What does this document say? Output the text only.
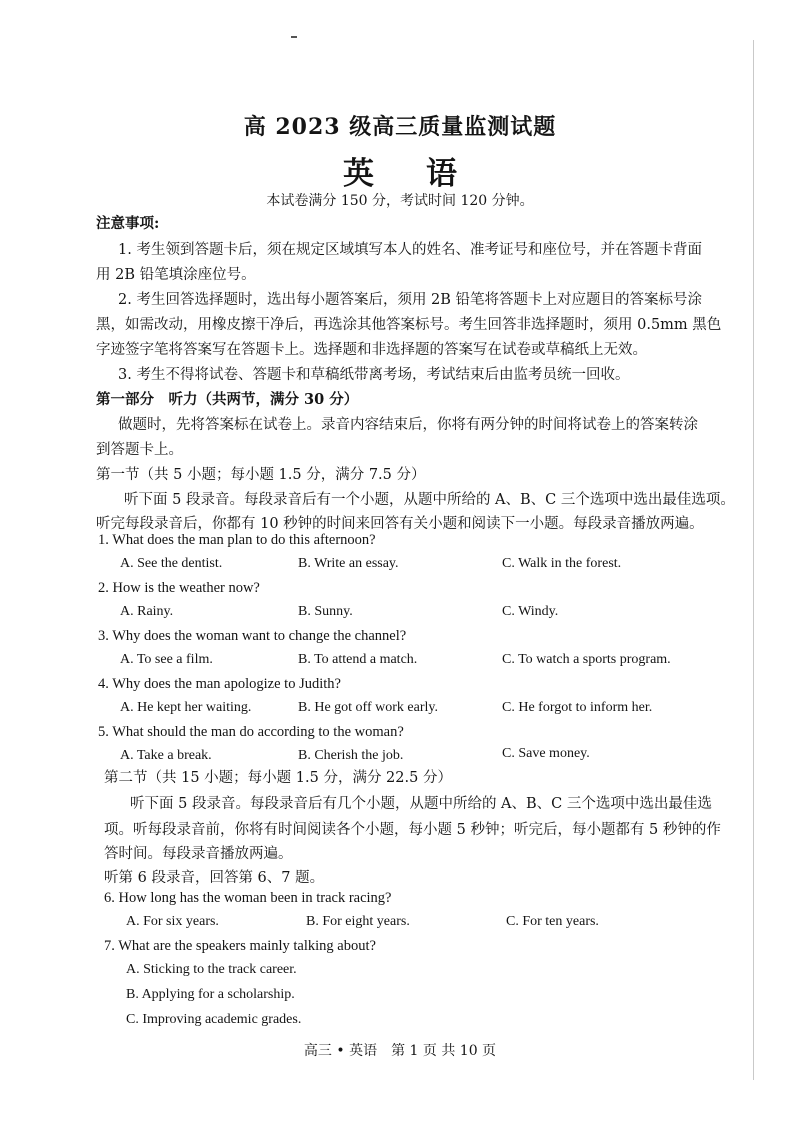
高 2023 级高三质量监测试题
英语
本试卷满分 150 分，考试时间 120 分钟。
注意事项:
1. 考生领到答题卡后，须在规定区域填写本人的姓名、准考证号和座位号，并在答题卡背面
用 2B 铅笔填涂座位号。
2. 考生回答选择题时，选出每小题答案后，须用 2B 铅笔将答题卡上对应题目的答案标号涂
黑，如需改动，用橡皮擦干净后，再选涂其他答案标号。考生回答非选择题时，须用 0.5mm 黑色
字迹签字笔将答案写在答题卡上。选择题和非选择题的答案写在试卷或草稿纸上无效。
3. 考生不得将试卷、答题卡和草稿纸带离考场，考试结束后由监考员统一回收。
第一部分　听力（共两节，满分 30 分）
做题时，先将答案标在试卷上。录音内容结束后，你将有两分钟的时间将试卷上的答案转涂
到答题卡上。
第一节（共 5 小题；每小题 1.5 分，满分 7.5 分）
听下面 5 段录音。每段录音后有一个小题，从题中所给的 A、B、C 三个选项中选出最佳选项。
听完每段录音后，你都有 10 秒钟的时间来回答有关小题和阅读下一小题。每段录音播放两遍。
1. What does the man plan to do this afternoon?
A. See the dentist.	B. Write an essay.	C. Walk in the forest.
2. How is the weather now?
A. Rainy.	B. Sunny.	C. Windy.
3. Why does the woman want to change the channel?
A. To see a film.	B. To attend a match.	C. To watch a sports program.
4. Why does the man apologize to Judith?
A. He kept her waiting.	B. He got off work early.	C. He forgot to inform her.
5. What should the man do according to the woman?
A. Take a break.	B. Cherish the job.	C. Save money.
第二节（共 15 小题；每小题 1.5 分，满分 22.5 分）
听下面 5 段录音。每段录音后有几个小题，从题中所给的 A、B、C 三个选项中选出最佳选
项。听每段录音前，你将有时间阅读各个小题，每小题 5 秒钟；听完后，每小题都有 5 秒钟的作
答时间。每段录音播放两遍。
听第 6 段录音，回答第 6、7 题。
6. How long has the woman been in track racing?
A. For six years.	B. For eight years.	C. For ten years.
7. What are the speakers mainly talking about?
A. Sticking to the track career.
B. Applying for a scholarship.
C. Improving academic grades.
高三 • 英语　第 1 页 共 10 页
